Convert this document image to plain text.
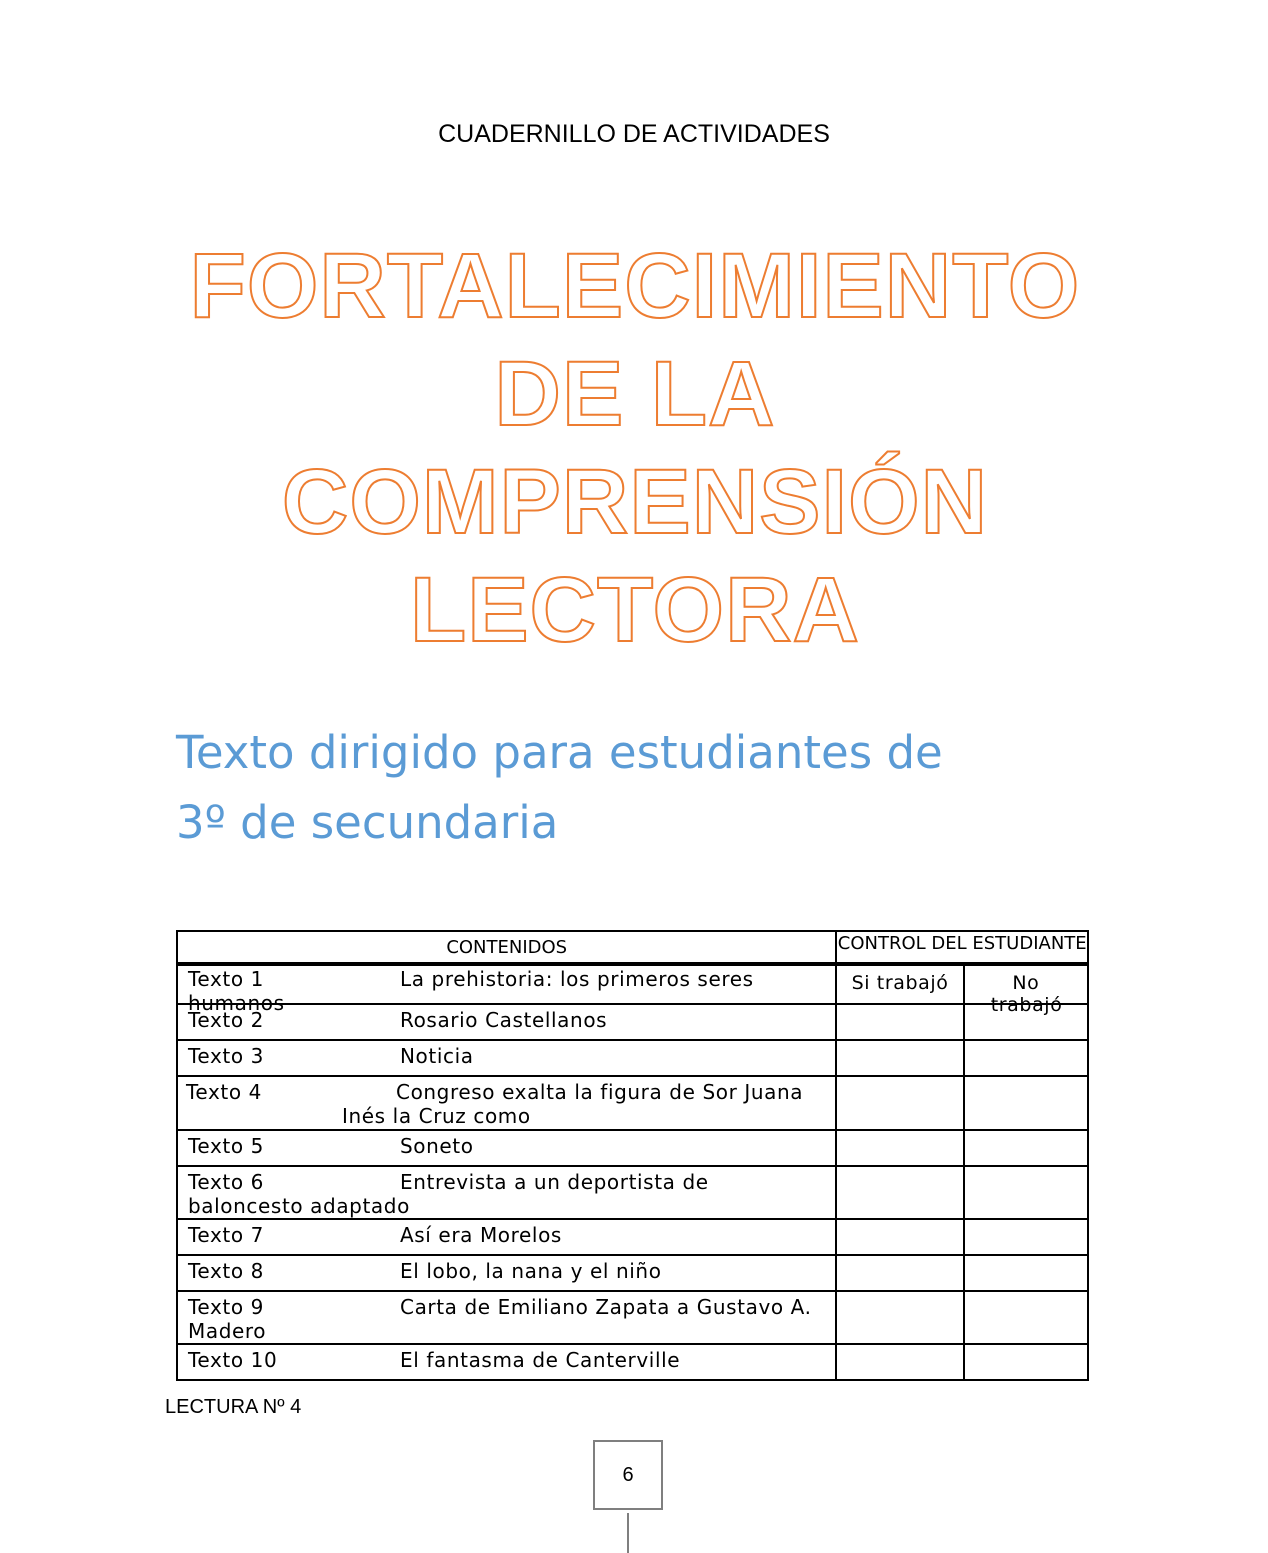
CUADERNILLO DE ACTIVIDADES
FORTALECIMIENTO
DE LA
COMPRENSIÓN
LECTORA
Texto dirigido para estudiantes de
3º de secundaria
CONTENIDOS	CONTROL DEL ESTUDIANTE
Texto 1 La prehistoria: los primeros seres humanos	Si trabajó	No trabajó

Texto 2 Rosario Castellanos		
Texto 3 Noticia		

Texto 4 Congreso exalta la figura de Sor Juana
Inés la Cruz como		

Texto 5 Soneto		

Texto 6 Entrevista a un deportista de
baloncesto adaptado		

Texto 7 Así era Morelos		
Texto 8 El lobo, la nana y el niño		

Texto 9 Carta de Emiliano Zapata a Gustavo A.
Madero		

Texto 10 El fantasma de Canterville		
LECTURA Nº 4
6
